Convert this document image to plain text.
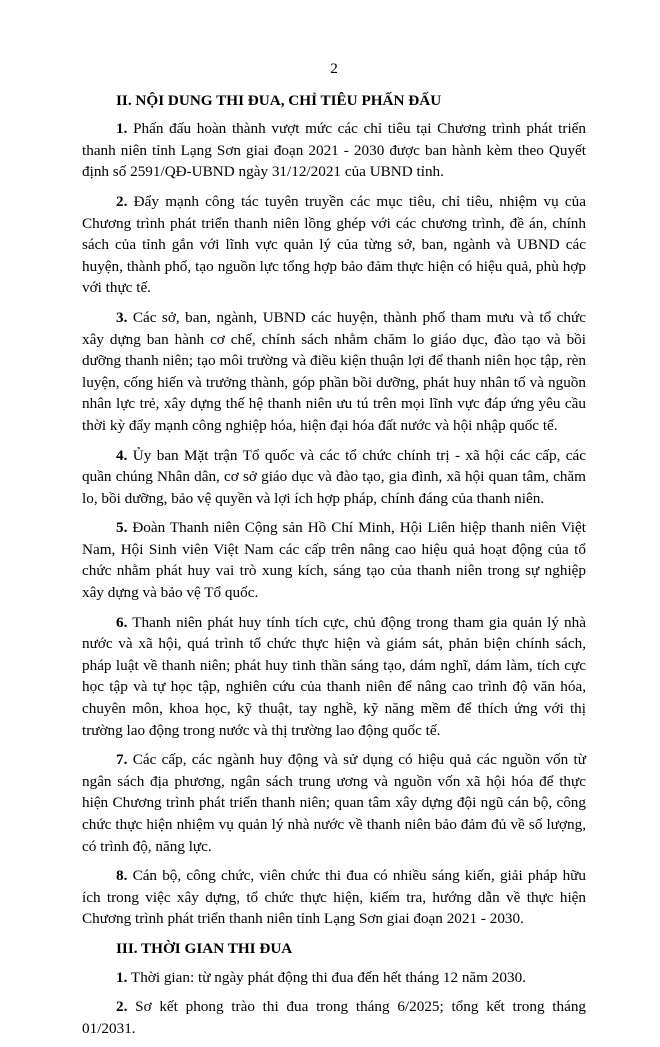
2
II. NỘI DUNG THI ĐUA, CHỈ TIÊU PHẤN ĐẤU

1. Phấn đấu hoàn thành vượt mức các chỉ tiêu tại Chương trình phát triển thanh niên tỉnh Lạng Sơn giai đoạn 2021 - 2030 được ban hành kèm theo Quyết định số 2591/QĐ-UBND ngày 31/12/2021 của UBND tỉnh.

2. Đẩy mạnh công tác tuyên truyền các mục tiêu, chỉ tiêu, nhiệm vụ của Chương trình phát triển thanh niên lồng ghép với các chương trình, đề án, chính sách của tỉnh gắn với lĩnh vực quản lý của từng sở, ban, ngành và UBND các huyện, thành phố, tạo nguồn lực tổng hợp bảo đảm thực hiện có hiệu quả, phù hợp với thực tế.

3. Các sở, ban, ngành, UBND các huyện, thành phố tham mưu và tổ chức xây dựng ban hành cơ chế, chính sách nhằm chăm lo giáo dục, đào tạo và bồi dưỡng thanh niên; tạo môi trường và điều kiện thuận lợi để thanh niên học tập, rèn luyện, cống hiến và trưởng thành, góp phần bồi dưỡng, phát huy nhân tố và nguồn nhân lực trẻ, xây dựng thế hệ thanh niên ưu tú trên mọi lĩnh vực đáp ứng yêu cầu thời kỳ đẩy mạnh công nghiệp hóa, hiện đại hóa đất nước và hội nhập quốc tế.

4. Ủy ban Mặt trận Tổ quốc và các tổ chức chính trị - xã hội các cấp, các quần chúng Nhân dân, cơ sở giáo dục và đào tạo, gia đình, xã hội quan tâm, chăm lo, bồi dưỡng, bảo vệ quyền và lợi ích hợp pháp, chính đáng của thanh niên.

5. Đoàn Thanh niên Cộng sản Hồ Chí Minh, Hội Liên hiệp thanh niên Việt Nam, Hội Sinh viên Việt Nam các cấp trên nâng cao hiệu quả hoạt động của tổ chức nhằm phát huy vai trò xung kích, sáng tạo của thanh niên trong sự nghiệp xây dựng và bảo vệ Tổ quốc.

6. Thanh niên phát huy tính tích cực, chủ động trong tham gia quản lý nhà nước và xã hội, quá trình tổ chức thực hiện và giám sát, phản biện chính sách, pháp luật về thanh niên; phát huy tinh thần sáng tạo, dám nghĩ, dám làm, tích cực học tập và tự học tập, nghiên cứu của thanh niên để nâng cao trình độ văn hóa, chuyên môn, khoa học, kỹ thuật, tay nghề, kỹ năng mềm để thích ứng với thị trường lao động trong nước và thị trường lao động quốc tế.

7. Các cấp, các ngành huy động và sử dụng có hiệu quả các nguồn vốn từ ngân sách địa phương, ngân sách trung ương và nguồn vốn xã hội hóa để thực hiện Chương trình phát triển thanh niên; quan tâm xây dựng đội ngũ cán bộ, công chức thực hiện nhiệm vụ quản lý nhà nước về thanh niên bảo đảm đủ về số lượng, có trình độ, năng lực.

8. Cán bộ, công chức, viên chức thi đua có nhiều sáng kiến, giải pháp hữu ích trong việc xây dựng, tổ chức thực hiện, kiểm tra, hướng dẫn về thực hiện Chương trình phát triển thanh niên tỉnh Lạng Sơn giai đoạn 2021 - 2030.

III. THỜI GIAN THI ĐUA

1. Thời gian: từ ngày phát động thi đua đến hết tháng 12 năm 2030.

2. Sơ kết phong trào thi đua trong tháng 6/2025; tổng kết trong tháng 01/2031.
